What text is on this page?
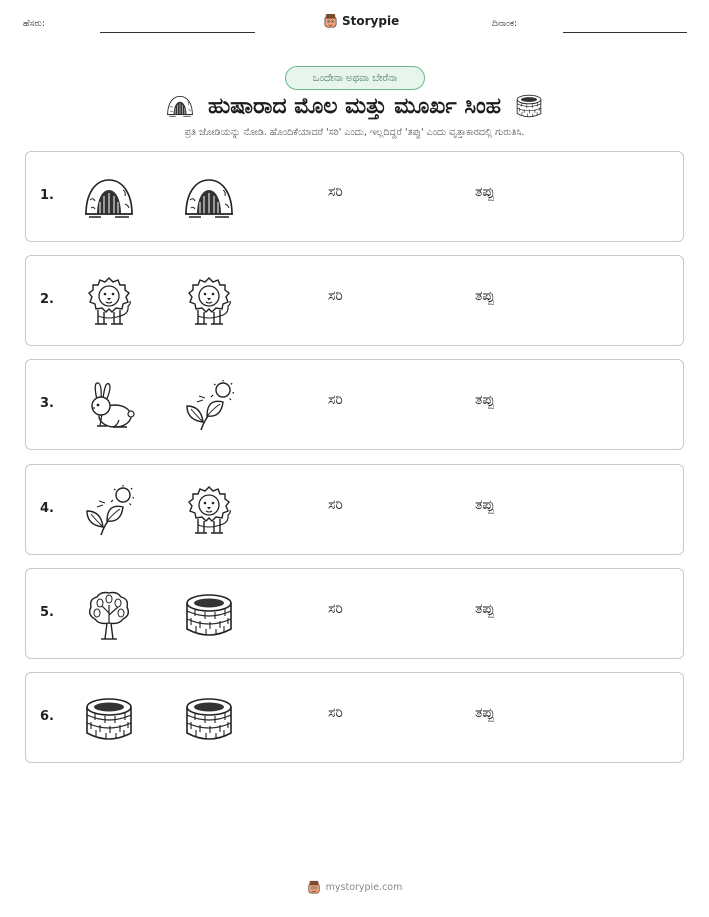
ಹೆಸರು:	Storypie	ದಿನಾಂಕ:
ಒಂದೇನಾ ಅಥವಾ ಬೇರೆನಾ
ಹುಷಾರಾದ ಮೊಲ ಮತ್ತು ಮೂರ್ಖ ಸಿಂಹ
ಪ್ರತಿ ಜೋಡಿಯನ್ನು ನೋಡಿ. ಹೊಂದಿಕೆಯಾದರೆ 'ಸರಿ' ಎಂದು, ಇಲ್ಲದಿದ್ದರೆ 'ತಪ್ಪು' ಎಂದು ವೃತ್ತಾಕಾರದಲ್ಲಿ ಗುರುತಿಸಿ.
1.	ಸರಿ	ತಪ್ಪು
2.	ಸರಿ	ತಪ್ಪು
3.	ಸರಿ	ತಪ್ಪು
4.	ಸರಿ	ತಪ್ಪು
5.	ಸರಿ	ತಪ್ಪು
6.	ಸರಿ	ತಪ್ಪು
mystorypie.com
